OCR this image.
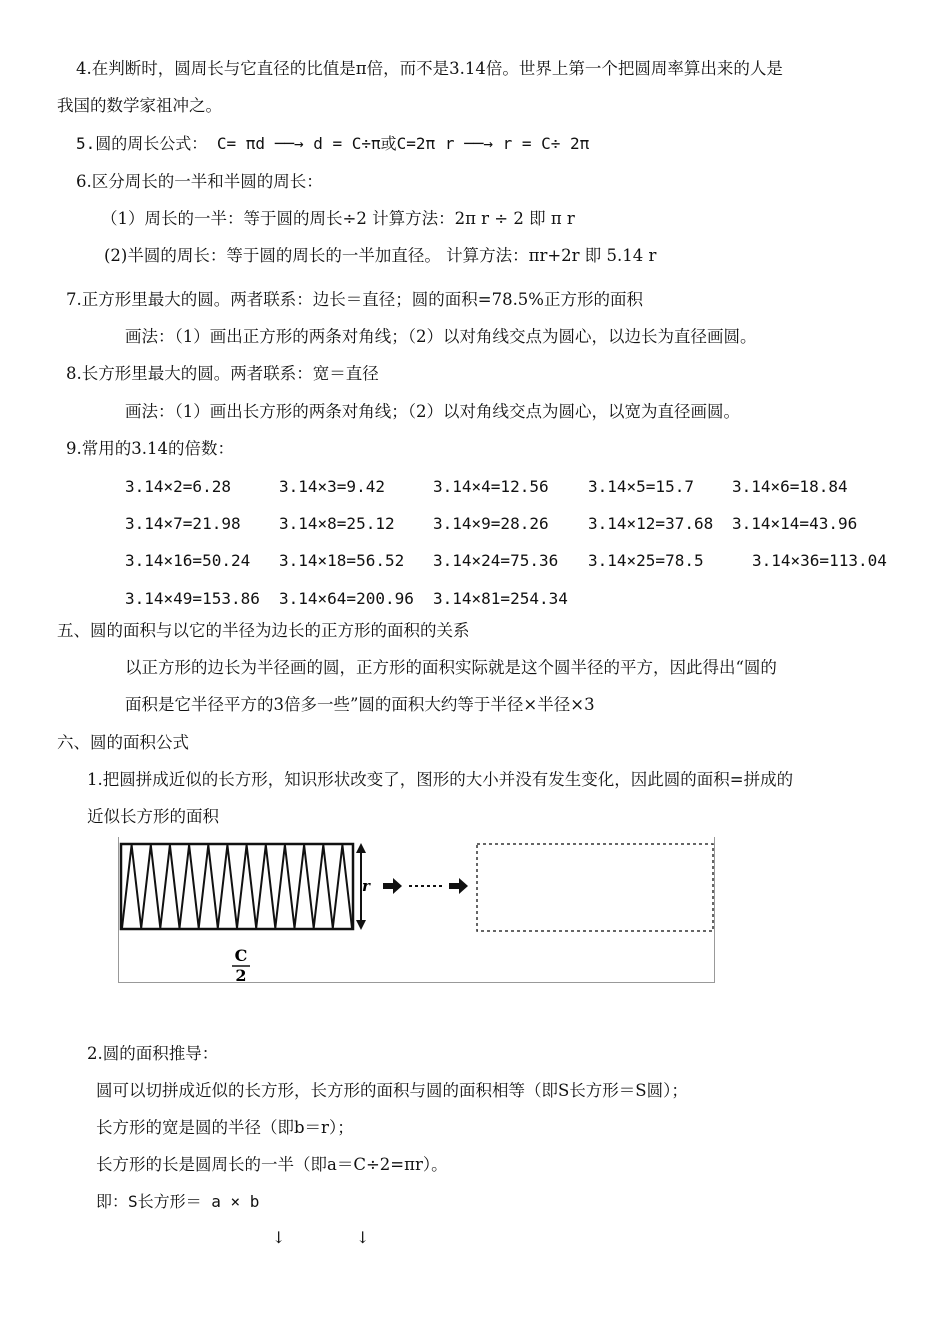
4.在判断时，圆周长与它直径的比值是π倍，而不是3.14倍。世界上第一个把圆周率算出来的人是
我国的数学家祖冲之。
5.圆的周长公式： C= πd ──→ d = C÷π或C=2π r ──→ r = C÷ 2π
6.区分周长的一半和半圆的周长：
（1）周长的一半：等于圆的周长÷2 计算方法：2π r ÷ 2 即 π r
(2)半圆的周长：等于圆的周长的一半加直径。 计算方法：πr+2r 即 5.14 r
7.正方形里最大的圆。两者联系：边长＝直径；圆的面积=78.5%正方形的面积
画法：（1）画出正方形的两条对角线；（2）以对角线交点为圆心，以边长为直径画圆。
8.长方形里最大的圆。两者联系：宽＝直径
画法：（1）画出长方形的两条对角线；（2）以对角线交点为圆心，以宽为直径画圆。
9.常用的3.14的倍数：
3.14×2=6.28	3.14×3=9.42	3.14×4=12.56 3.14×5=15.7 3.14×6=18.84
3.14×7=21.98 3.14×8=25.12 3.14×9=28.26 3.14×12=37.68 3.14×14=43.96
3.14×16=50.24 3.14×18=56.52 3.14×24=75.36 3.14×25=78.5	3.14×36=113.04
3.14×49=153.86 3.14×64=200.96 3.14×81=254.34
五、圆的面积与以它的半径为边长的正方形的面积的关系
以正方形的边长为半径画的圆，正方形的面积实际就是这个圆半径的平方，因此得出“圆的
面积是它半径平方的3倍多一些”圆的面积大约等于半径×半径×3
六、圆的面积公式
1.把圆拼成近似的长方形，知识形状改变了，图形的大小并没有发生变化，因此圆的面积=拼成的
近似长方形的面积
r
C
2
2.圆的面积推导：
圆可以切拼成近似的长方形，长方形的面积与圆的面积相等（即S长方形＝S圆）；
长方形的宽是圆的半径（即b＝r）；
长方形的长是圆周长的一半（即a＝C÷2=πr）。
即：S长方形＝ a × b
↓	↓
